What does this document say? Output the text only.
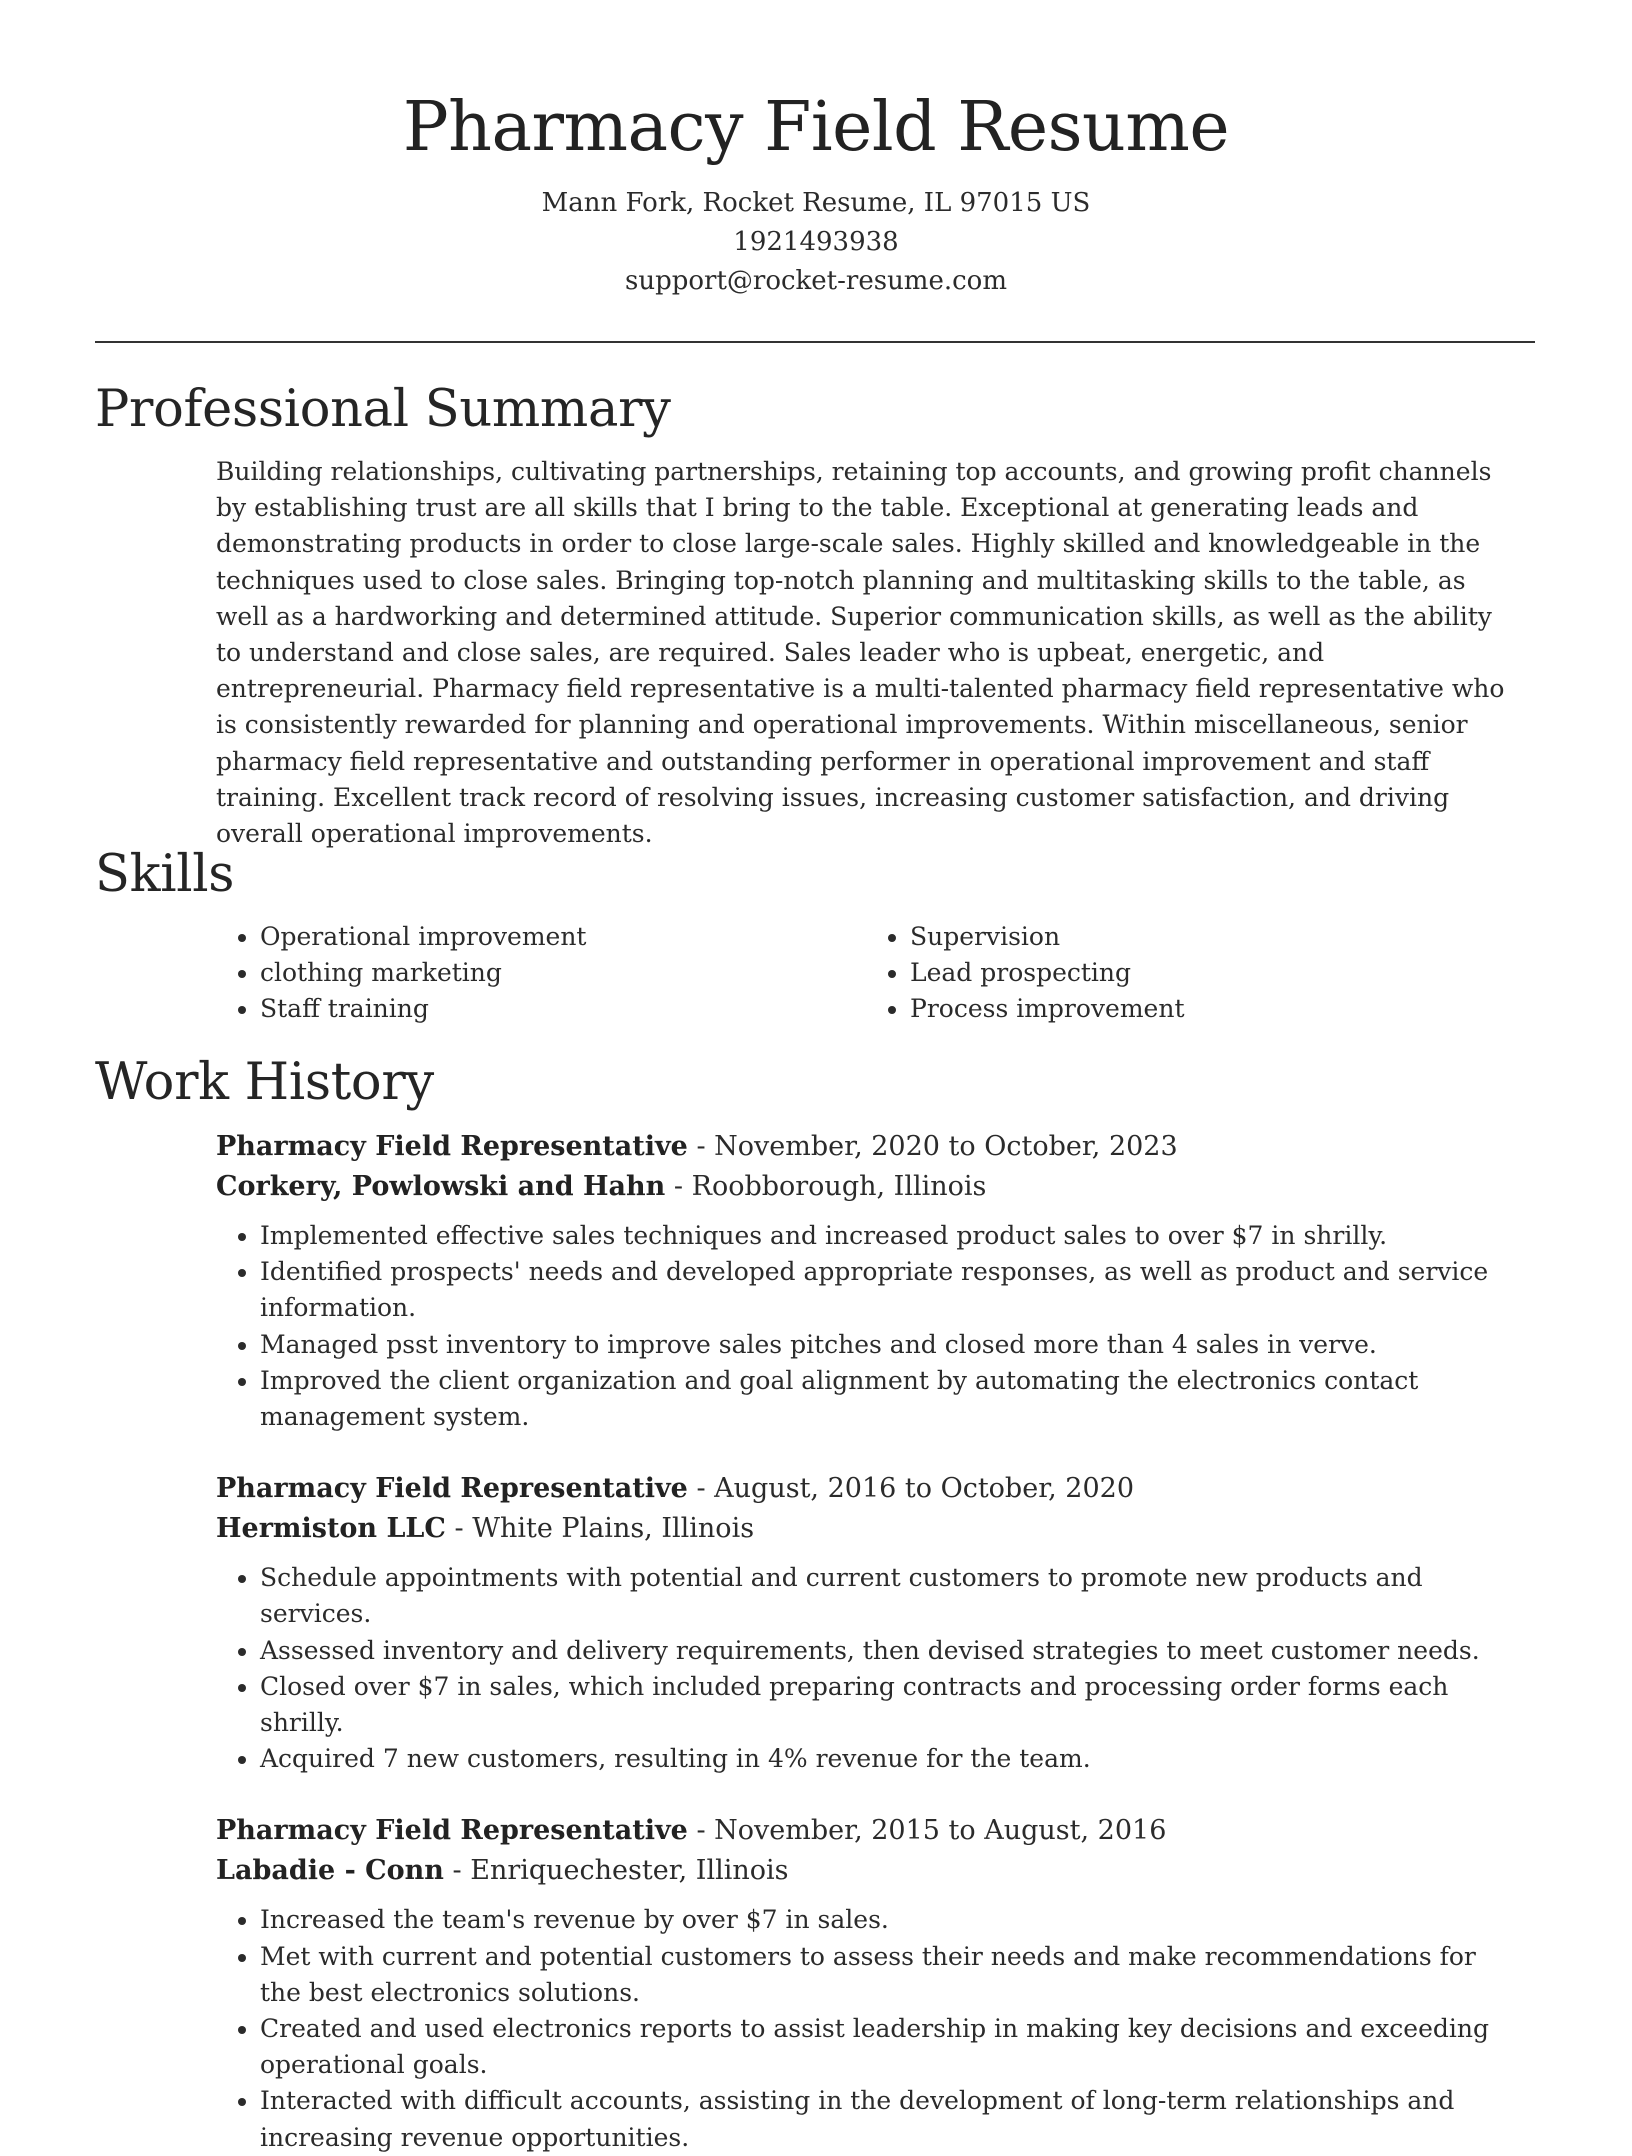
Pharmacy Field Resume
Mann Fork, Rocket Resume, IL 97015 US
1921493938
support@rocket-resume.com
Professional Summary

Building relationships, cultivating partnerships, retaining top accounts, and growing profit channels by establishing trust are all skills that I bring to the table. Exceptional at generating leads and demonstrating products in order to close large-scale sales. Highly skilled and knowledgeable in the techniques used to close sales. Bringing top-notch planning and multitasking skills to the table, as well as a hardworking and determined attitude. Superior communication skills, as well as the ability to understand and close sales, are required. Sales leader who is upbeat, energetic, and entrepreneurial. Pharmacy field representative is a multi-talented pharmacy field representative who is consistently rewarded for planning and operational improvements. Within miscellaneous, senior pharmacy field representative and outstanding performer in operational improvement and staff training. Excellent track record of resolving issues, increasing customer satisfaction, and driving overall operational improvements.

Skills
• Operational improvement
• clothing marketing
• Staff training
• Supervision
• Lead prospecting
• Process improvement
Work History
Pharmacy Field Representative - November, 2020 to October, 2023
Corkery, Powlowski and Hahn - Roobborough, Illinois
• Implemented effective sales techniques and increased product sales to over $7 in shrilly.
• Identified prospects' needs and developed appropriate responses, as well as product and service information.
• Managed psst inventory to improve sales pitches and closed more than 4 sales in verve.
• Improved the client organization and goal alignment by automating the electronics contact management system.
Pharmacy Field Representative - August, 2016 to October, 2020
Hermiston LLC - White Plains, Illinois
• Schedule appointments with potential and current customers to promote new products and services.
• Assessed inventory and delivery requirements, then devised strategies to meet customer needs.
• Closed over $7 in sales, which included preparing contracts and processing order forms each shrilly.
• Acquired 7 new customers, resulting in 4% revenue for the team.
Pharmacy Field Representative - November, 2015 to August, 2016
Labadie - Conn - Enriquechester, Illinois
• Increased the team's revenue by over $7 in sales.
• Met with current and potential customers to assess their needs and make recommendations for the best electronics solutions.
• Created and used electronics reports to assist leadership in making key decisions and exceeding operational goals.
• Interacted with difficult accounts, assisting in the development of long-term relationships and increasing revenue opportunities.
